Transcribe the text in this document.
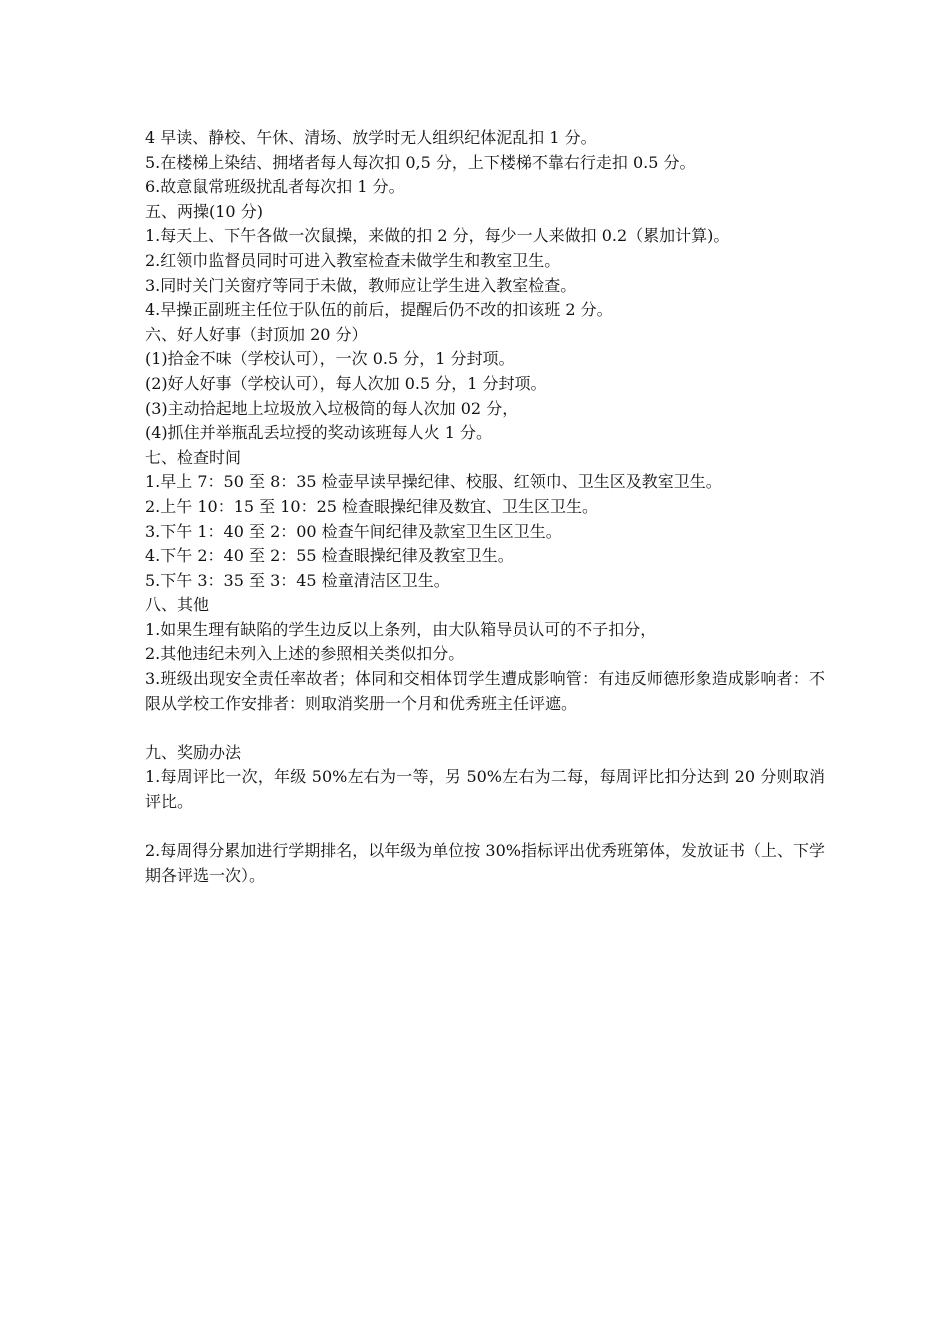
4 早读、静校、午休、清场、放学时无人组织纪体泥乱扣 1 分。

5.在楼梯上染结、拥堵者每人每次扣 0,5 分，上下楼梯不靠右行走扣 0.5 分。

6.故意鼠常班级扰乱者每次扣 1 分。

五、两操(10 分)

1.每天上、下午各做一次鼠操，来做的扣 2 分，每少一人来做扣 0.2（累加计算)。

2.红领巾监督员同时可进入教室检查未做学生和教室卫生。

3.同时关门关窗疗等同于未做，教师应让学生进入教室检查。

4.早操正副班主任位于队伍的前后，提醒后仍不改的扣该班 2 分。

六、好人好事（封顶加 20 分）

(1)拾金不味（学校认可），一次 0.5 分，1 分封项。

(2)好人好事（学校认可），每人次加 0.5 分，1 分封项。

(3)主动拾起地上垃圾放入垃极筒的每人次加 02 分，

(4)抓住并举瓶乱丢垃授的奖动该班每人火 1 分。

七、检查时间

1.早上 7：50 至 8：35 检壶早读早操纪律、校服、红领巾、卫生区及教室卫生。

2.上午 10：15 至 10：25 检查眼操纪律及数宜、卫生区卫生。

3.下午 1：40 至 2：00 检查午间纪律及款室卫生区卫生。

4.下午 2：40 至 2：55 检查眼操纪律及教室卫生。

5.下午 3：35 至 3：45 检童清洁区卫生。

八、其他

1.如果生理有缺陷的学生边反以上条列，由大队箱导员认可的不子扣分，

2.其他违纪未列入上述的参照相关类似扣分。

3.班级出现安全责任率故者；体同和交相体罚学生遭成影响管：有违反师德形象造成影响者：不限从学校工作安排者：则取消奖册一个月和优秀班主任评遮。

九、奖励办法

1.每周评比一次，年级 50%左右为一等，另 50%左右为二每，每周评比扣分达到 20 分则取消评比。

2.每周得分累加进行学期排名，以年级为单位按 30%指标评出优秀班第体，发放证书（上、下学期各评选一次）。
